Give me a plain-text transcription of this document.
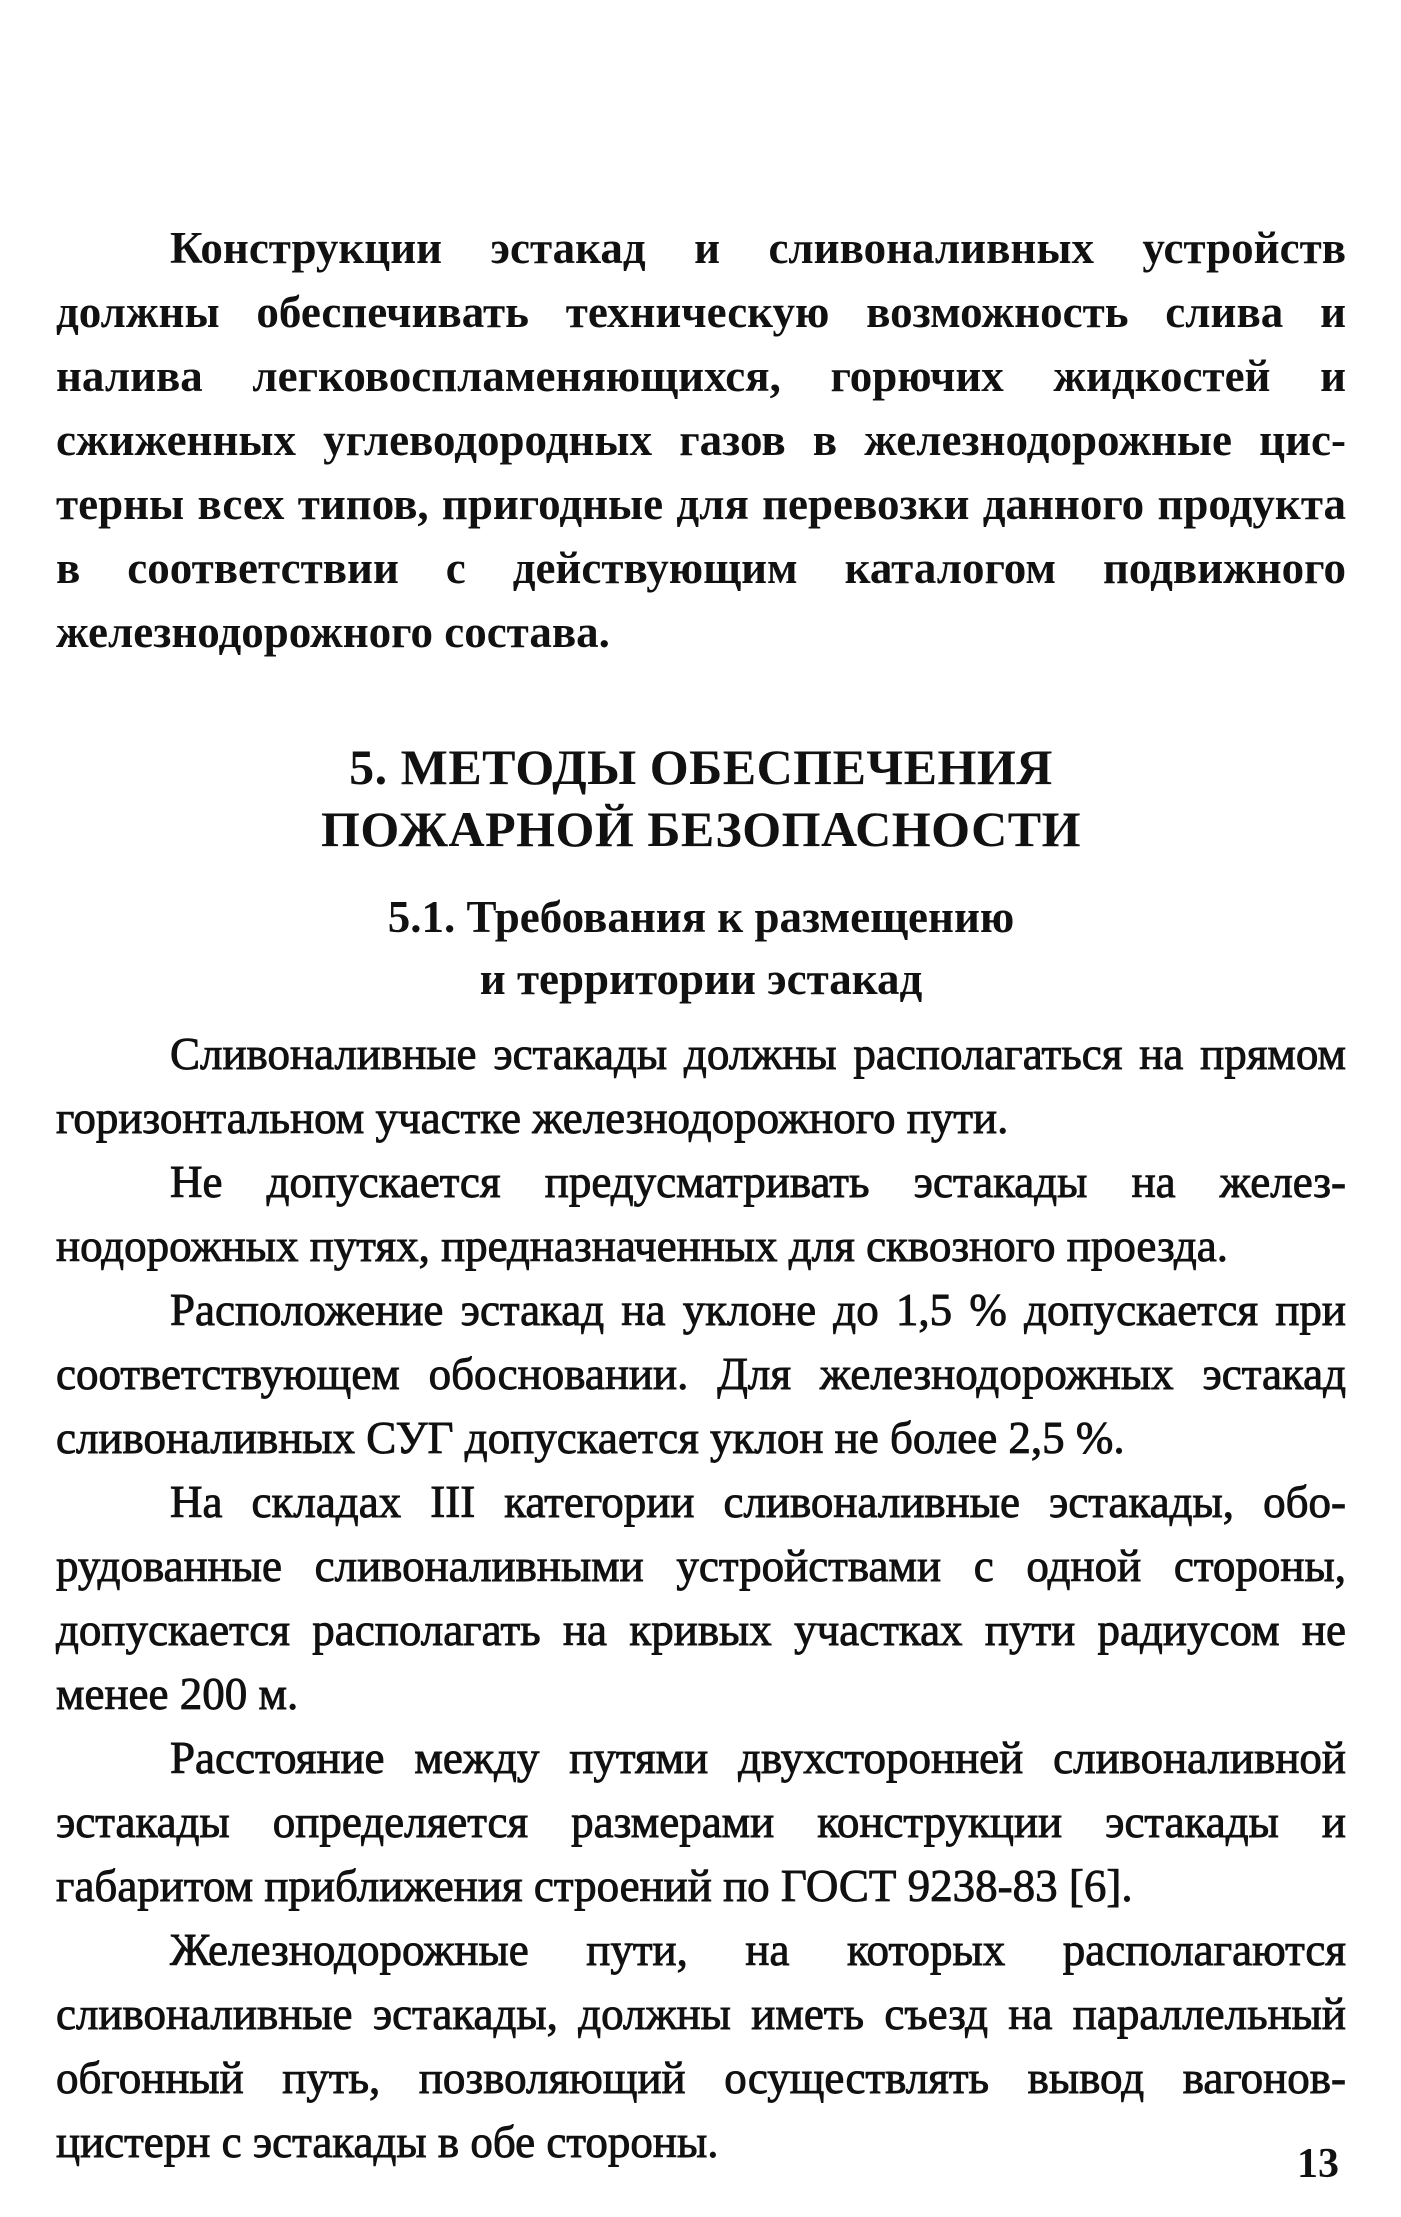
Конструкции эстакад и сливоналивных устройств должны обеспечивать техническую возможность слива и налива легковоспламеняющихся, горючих жидкостей и сжиженных углеводородных газов в железнодорожные цистерны всех типов, пригодные для перевозки данного продукта в соответствии с действующим каталогом подвижного железнодорожного состава.

5. МЕТОДЫ ОБЕСПЕЧЕНИЯ
ПОЖАРНОЙ БЕЗОПАСНОСТИ
5.1. Требования к размещению
и территории эстакад

Сливоналивные эстакады должны располагаться на прямом горизонтальном участке железнодорожного пути.

Не допускается предусматривать эстакады на железнодорожных путях, предназначенных для сквозного проезда.

Расположение эстакад на уклоне до 1,5 % допускается при соответствующем обосновании. Для железнодорожных эстакад сливоналивных СУГ допускается уклон не более 2,5 %.

На складах III категории сливоналивные эстакады, оборудованные сливоналивными устройствами с одной стороны, допускается располагать на кривых участках пути радиусом не менее 200 м.

Расстояние между путями двухсторонней сливоналивной эстакады определяется размерами конструкции эстакады и габаритом приближения строений по ГОСТ 9238-83 [6].

Железнодорожные пути, на которых располагаются сливоналивные эстакады, должны иметь съезд на параллельный обгонный путь, позволяющий осуществлять вывод вагонов-цистерн с эстакады в обе стороны.	13
